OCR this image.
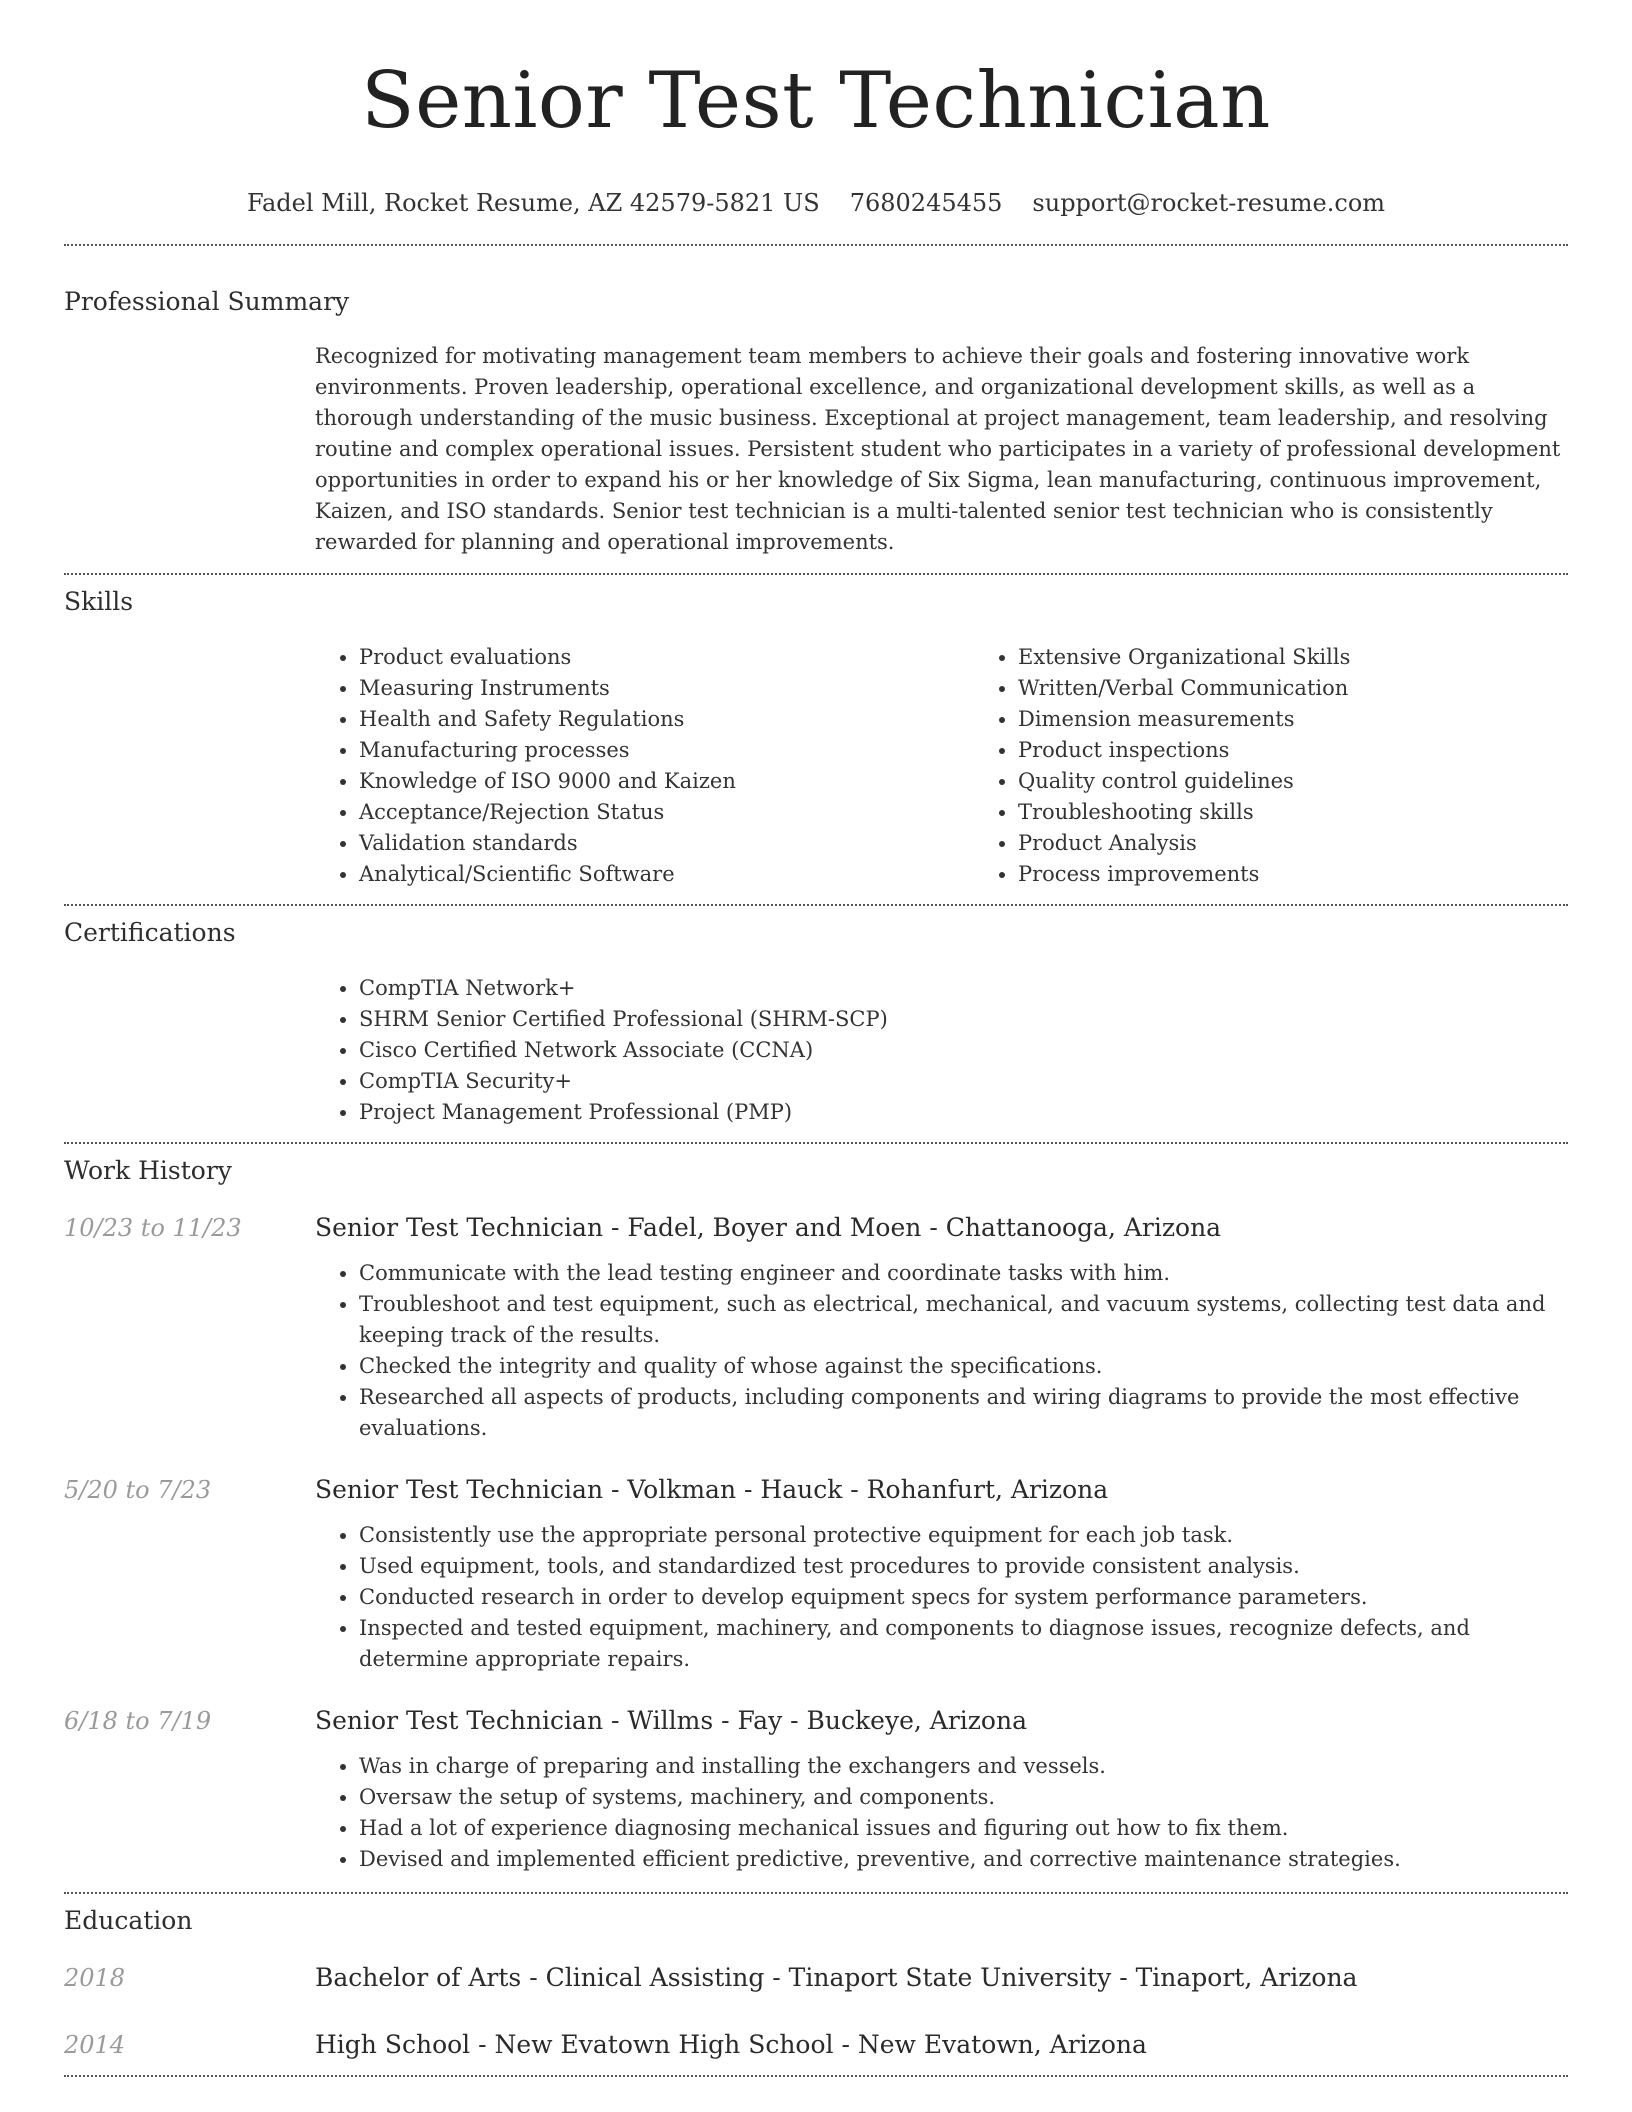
Senior Test Technician
Fadel Mill, Rocket Resume, AZ 42579-5821 US 7680245455 support@rocket-resume.com
Professional Summary

Recognized for motivating management team members to achieve their goals and fostering innovative work environments. Proven leadership, operational excellence, and organizational development skills, as well as a thorough understanding of the music business. Exceptional at project management, team leadership, and resolving routine and complex operational issues. Persistent student who participates in a variety of professional development opportunities in order to expand his or her knowledge of Six Sigma, lean manufacturing, continuous improvement, Kaizen, and ISO standards. Senior test technician is a multi-talented senior test technician who is consistently rewarded for planning and operational improvements.

Skills
• Product evaluations
• Measuring Instruments
• Health and Safety Regulations
• Manufacturing processes
• Knowledge of ISO 9000 and Kaizen
• Acceptance/Rejection Status
• Validation standards
• Analytical/Scientific Software
• Extensive Organizational Skills
• Written/Verbal Communication
• Dimension measurements
• Product inspections
• Quality control guidelines
• Troubleshooting skills
• Product Analysis
• Process improvements
Certifications
• CompTIA Network+
• SHRM Senior Certified Professional (SHRM-SCP)
• Cisco Certified Network Associate (CCNA)
• CompTIA Security+
• Project Management Professional (PMP)
Work History
10/23 to 11/23	Senior Test Technician - Fadel, Boyer and Moen - Chattanooga, Arizona
• Communicate with the lead testing engineer and coordinate tasks with him.
• Troubleshoot and test equipment, such as electrical, mechanical, and vacuum systems, collecting test data and keeping track of the results.
• Checked the integrity and quality of whose against the specifications.
• Researched all aspects of products, including components and wiring diagrams to provide the most effective evaluations.
5/20 to 7/23	Senior Test Technician - Volkman - Hauck - Rohanfurt, Arizona
• Consistently use the appropriate personal protective equipment for each job task.
• Used equipment, tools, and standardized test procedures to provide consistent analysis.
• Conducted research in order to develop equipment specs for system performance parameters.
• Inspected and tested equipment, machinery, and components to diagnose issues, recognize defects, and determine appropriate repairs.
6/18 to 7/19	Senior Test Technician - Willms - Fay - Buckeye, Arizona
• Was in charge of preparing and installing the exchangers and vessels.
• Oversaw the setup of systems, machinery, and components.
• Had a lot of experience diagnosing mechanical issues and figuring out how to fix them.
• Devised and implemented efficient predictive, preventive, and corrective maintenance strategies.
Education
2018	Bachelor of Arts - Clinical Assisting - Tinaport State University - Tinaport, Arizona
2014	High School - New Evatown High School - New Evatown, Arizona
